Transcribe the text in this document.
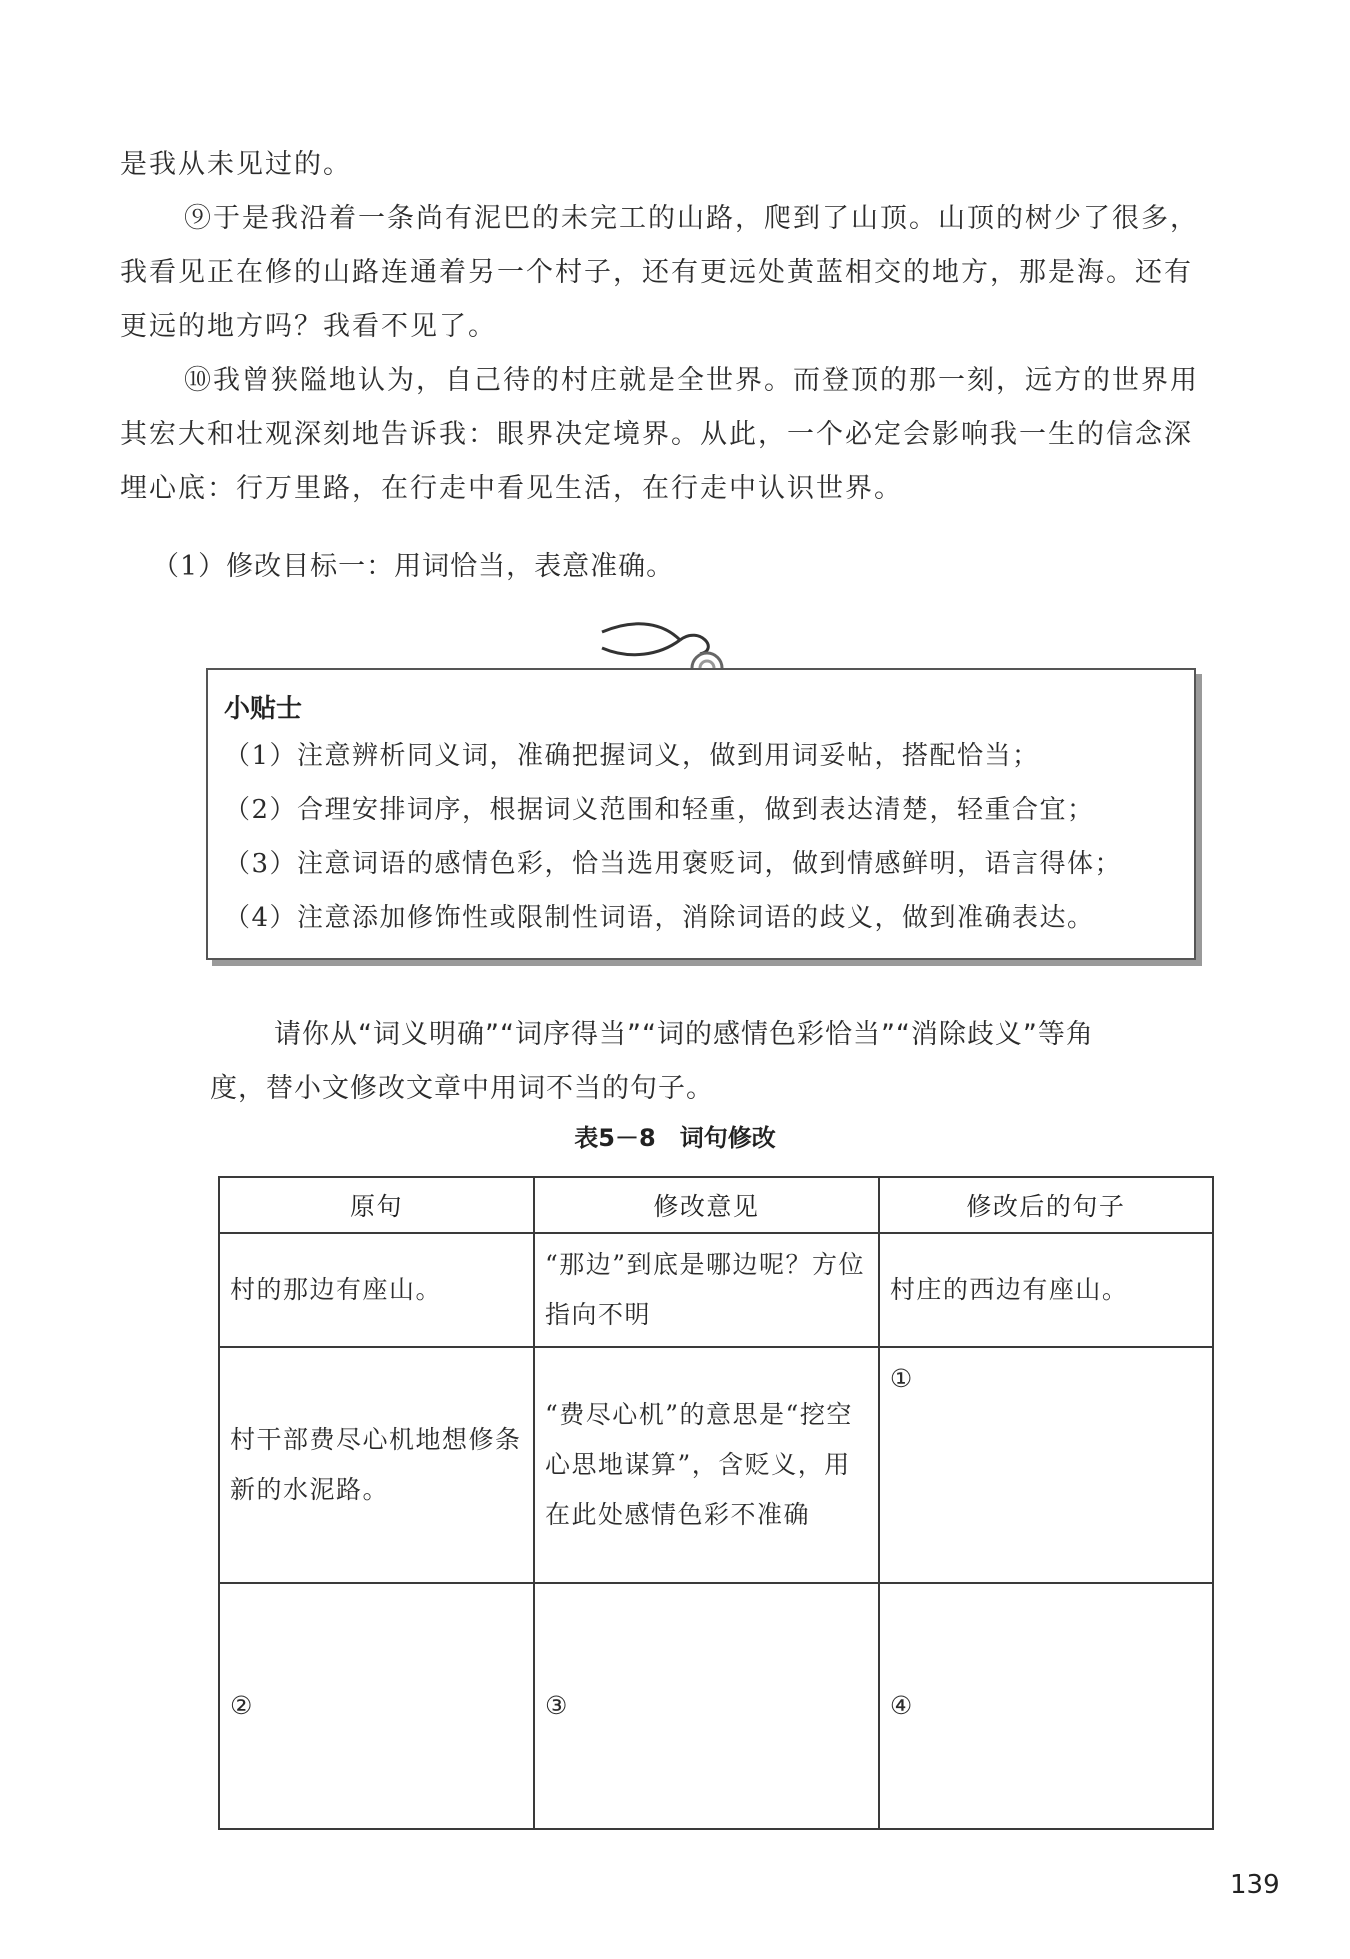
是我从未见过的。

⑨于是我沿着一条尚有泥巴的未完工的山路，爬到了山顶。山顶的树少了很多，我看见正在修的山路连通着另一个村子，还有更远处黄蓝相交的地方，那是海。还有更远的地方吗？我看不见了。

⑩我曾狭隘地认为，自己待的村庄就是全世界。而登顶的那一刻，远方的世界用其宏大和壮观深刻地告诉我：眼界决定境界。从此，一个必定会影响我一生的信念深埋心底：行万里路，在行走中看见生活，在行走中认识世界。

（1）修改目标一：用词恰当，表意准确。

小贴士

（1）注意辨析同义词，准确把握词义，做到用词妥帖，搭配恰当；

（2）合理安排词序，根据词义范围和轻重，做到表达清楚，轻重合宜；

（3）注意词语的感情色彩，恰当选用褒贬词，做到情感鲜明，语言得体；

（4）注意添加修饰性或限制性词语，消除词语的歧义，做到准确表达。

请你从“词义明确”“词序得当”“词的感情色彩恰当”“消除歧义”等角
度，替小文修改文章中用词不当的句子。
表5－8　词句修改
原句	修改意见	修改后的句子
村的那边有座山。	“那边”到底是哪边呢？方位指向不明	村庄的西边有座山。
村干部费尽心机地想修条新的水泥路。	“费尽心机”的意思是“挖空心思地谋算”，含贬义，用在此处感情色彩不准确	①
②	③	④
139
